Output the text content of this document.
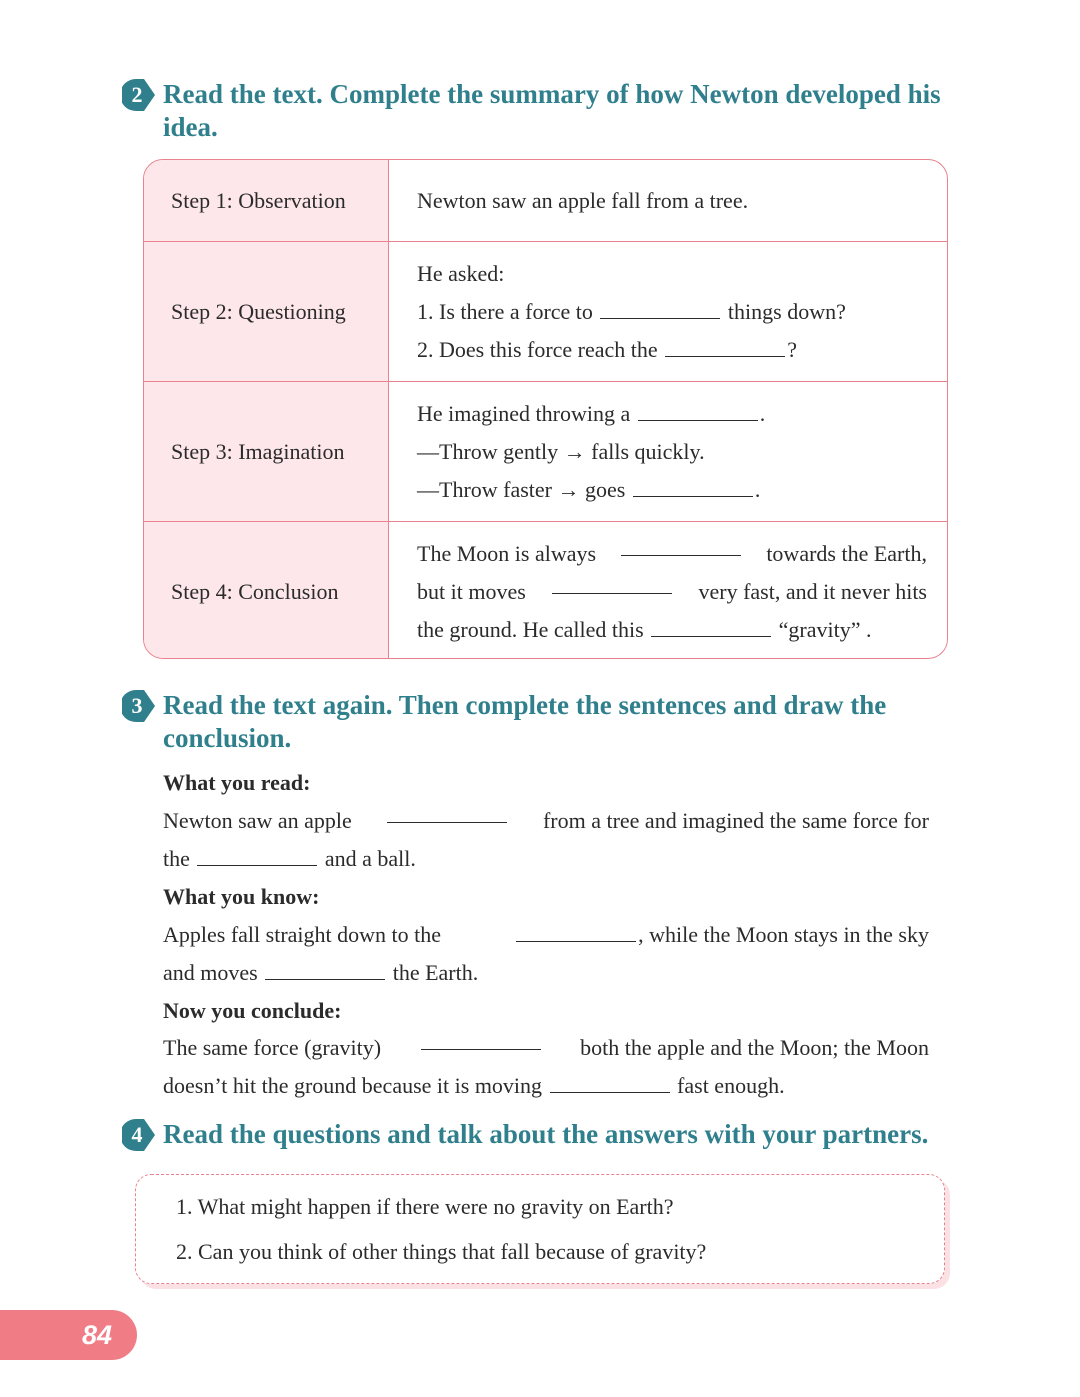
2 Read the text. Complete the summary of how Newton developed his idea.
Step 1: Observation	Newton saw an apple fall from a tree.
Step 2: Questioning
He asked:
1. Is there a force to	things down?
2. Does this force reach the	?
Step 3: Imagination
He imagined throwing a	.
—Throw gently → falls quickly.
—Throw faster → goes	.
Step 4: Conclusion
The Moon is always	towards the Earth,
but it moves	very fast, and it never hits
the ground. He called this	“gravity” .
3 Read the text again. Then complete the sentences and draw the conclusion.
What you read:
Newton saw an apple	from a tree and imagined the same force for
the	and a ball.
What you know:
Apples fall straight down to the	, while the Moon stays in the sky
and moves	the Earth.
Now you conclude:
The same force (gravity)	both the apple and the Moon; the Moon
doesn’t hit the ground because it is moving	fast enough.
4 Read the questions and talk about the answers with your partners.
1. What might happen if there were no gravity on Earth?
2. Can you think of other things that fall because of gravity?
84
